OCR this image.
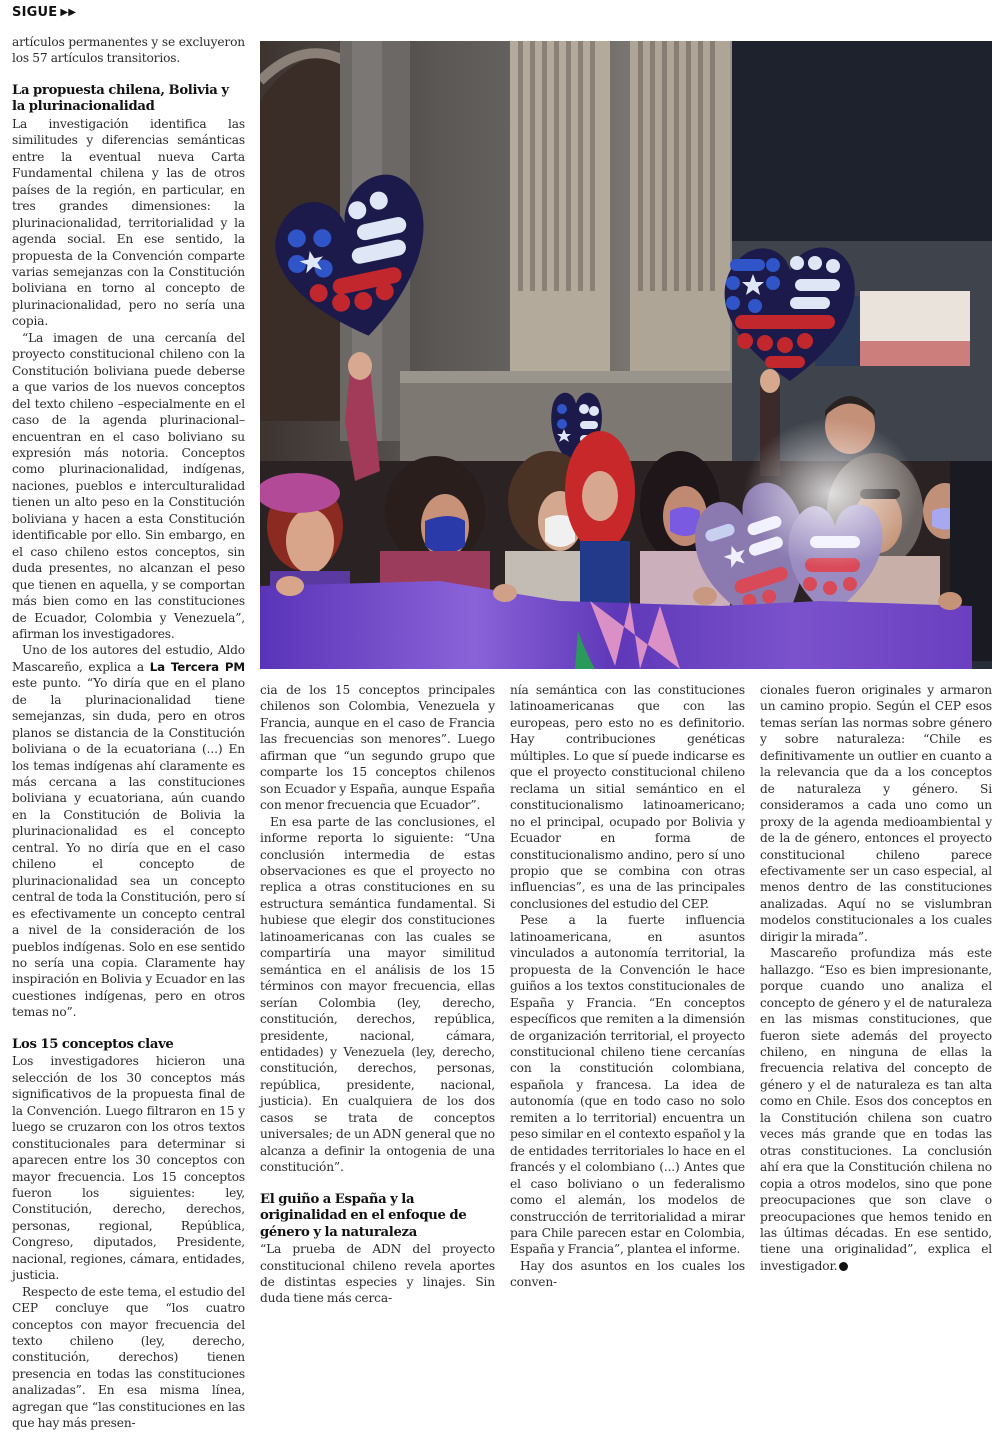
SIGUE ▶▶

artículos permanentes y se excluyeron los 57 artículos transitorios.

La propuesta chilena, Bolivia y la plurinacionalidad

La investigación identifica las similitudes y diferencias semánticas entre la eventual nueva Carta Fundamental chilena y las de otros países de la región, en particular, en tres grandes dimensiones: la plurinacionalidad, territorialidad y la agenda social. En ese sentido, la propuesta de la Convención comparte varias semejanzas con la Constitución boliviana en torno al concepto de plurinacionalidad, pero no sería una copia.

“La imagen de una cercanía del proyecto constitucional chileno con la Constitución boliviana puede deberse a que varios de los nuevos conceptos del texto chileno –especialmente en el caso de la agenda plurinacional– encuentran en el caso boliviano su expresión más notoria. Conceptos como plurinacionalidad, indígenas, naciones, pueblos e interculturalidad tienen un alto peso en la Constitución boliviana y hacen a esta Constitución identificable por ello. Sin embargo, en el caso chileno estos conceptos, sin duda presentes, no alcanzan el peso que tienen en aquella, y se comportan más bien como en las constituciones de Ecuador, Colombia y Venezuela”, afirman los investigadores.

Uno de los autores del estudio, Aldo Mascareño, explica a La Tercera PM este punto. “Yo diría que en el plano de la plurinacionalidad tiene semejanzas, sin duda, pero en otros planos se distancia de la Constitución boliviana o de la ecuatoriana (...) En los temas indígenas ahí claramente es más cercana a las constituciones boliviana y ecuatoriana, aún cuando en la Constitución de Bolivia la plurinacionalidad es el concepto central. Yo no diría que en el caso chileno el concepto de plurinacionalidad sea un concepto central de toda la Constitución, pero sí es efectivamente un concepto central a nivel de la consideración de los pueblos indígenas. Solo en ese sentido no sería una copia. Claramente hay inspiración en Bolivia y Ecuador en las cuestiones indígenas, pero en otros temas no”.

Los 15 conceptos clave

Los investigadores hicieron una selección de los 30 conceptos más significativos de la propuesta final de la Convención. Luego filtraron en 15 y luego se cruzaron con los otros textos constitucionales para determinar si aparecen entre los 30 conceptos con mayor frecuencia. Los 15 conceptos fueron los siguientes: ley, Constitución, derecho, derechos, personas, regional, República, Congreso, diputados, Presidente, nacional, regiones, cámara, entidades, justicia.

Respecto de este tema, el estudio del CEP concluye que “los cuatro conceptos con mayor frecuencia del texto chileno (ley, derecho, constitución, derechos) tienen presencia en todas las constituciones analizadas”. En esa misma línea, agregan que “las constituciones en las que hay más presen-

cia de los 15 conceptos principales chilenos son Colombia, Venezuela y Francia, aunque en el caso de Francia las frecuencias son menores”. Luego afirman que “un segundo grupo que comparte los 15 conceptos chilenos son Ecuador y España, aunque España con menor frecuencia que Ecuador”.

En esa parte de las conclusiones, el informe reporta lo siguiente: “Una conclusión intermedia de estas observaciones es que el proyecto no replica a otras constituciones en su estructura semántica fundamental. Si hubiese que elegir dos constituciones latinoamericanas con las cuales se compartiría una mayor similitud semántica en el análisis de los 15 términos con mayor frecuencia, ellas serían Colombia (ley, derecho, constitución, derechos, república, presidente, nacional, cámara, entidades) y Venezuela (ley, derecho, constitución, derechos, personas, república, presidente, nacional, justicia). En cualquiera de los dos casos se trata de conceptos universales; de un ADN general que no alcanza a definir la ontogenia de una constitución”.

El guiño a España y la originalidad en el enfoque de género y la naturaleza

“La prueba de ADN del proyecto constitucional chileno revela aportes de distintas especies y linajes. Sin duda tiene más cerca-

nía semántica con las constituciones latinoamericanas que con las europeas, pero esto no es definitorio. Hay contribuciones genéticas múltiples. Lo que sí puede indicarse es que el proyecto constitucional chileno reclama un sitial semántico en el constitucionalismo latinoamericano; no el principal, ocupado por Bolivia y Ecuador en forma de constitucionalismo andino, pero sí uno propio que se combina con otras influencias”, es una de las principales conclusiones del estudio del CEP.

Pese a la fuerte influencia latinoamericana, en asuntos vinculados a autonomía territorial, la propuesta de la Convención le hace guiños a los textos constitucionales de España y Francia. “En conceptos específicos que remiten a la dimensión de organización territorial, el proyecto constitucional chileno tiene cercanías con la constitución colombiana, española y francesa. La idea de autonomía (que en todo caso no solo remiten a lo territorial) encuentra un peso similar en el contexto español y la de entidades territoriales lo hace en el francés y el colombiano (...) Antes que el caso boliviano o un federalismo como el alemán, los modelos de construcción de territorialidad a mirar para Chile parecen estar en Colombia, España y Francia”, plantea el informe.

Hay dos asuntos en los cuales los conven-

cionales fueron originales y armaron un camino propio. Según el CEP esos temas serían las normas sobre género y sobre naturaleza: “Chile es definitivamente un outlier en cuanto a la relevancia que da a los conceptos de naturaleza y género. Si consideramos a cada uno como un proxy de la agenda medioambiental y de la de género, entonces el proyecto constitucional chileno parece efectivamente ser un caso especial, al menos dentro de las constituciones analizadas. Aquí no se vislumbran modelos constitucionales a los cuales dirigir la mirada”.

Mascareño profundiza más este hallazgo. “Eso es bien impresionante, porque cuando uno analiza el concepto de género y el de naturaleza en las mismas constituciones, que fueron siete además del proyecto chileno, en ninguna de ellas la frecuencia relativa del concepto de género y el de naturaleza es tan alta como en Chile. Esos dos conceptos en la Constitución chilena son cuatro veces más grande que en todas las otras constituciones. La conclusión ahí era que la Constitución chilena no copia a otros modelos, sino que pone preocupaciones que son clave o preocupaciones que hemos tenido en las últimas décadas. En ese sentido, tiene una originalidad”, explica el investigador.
